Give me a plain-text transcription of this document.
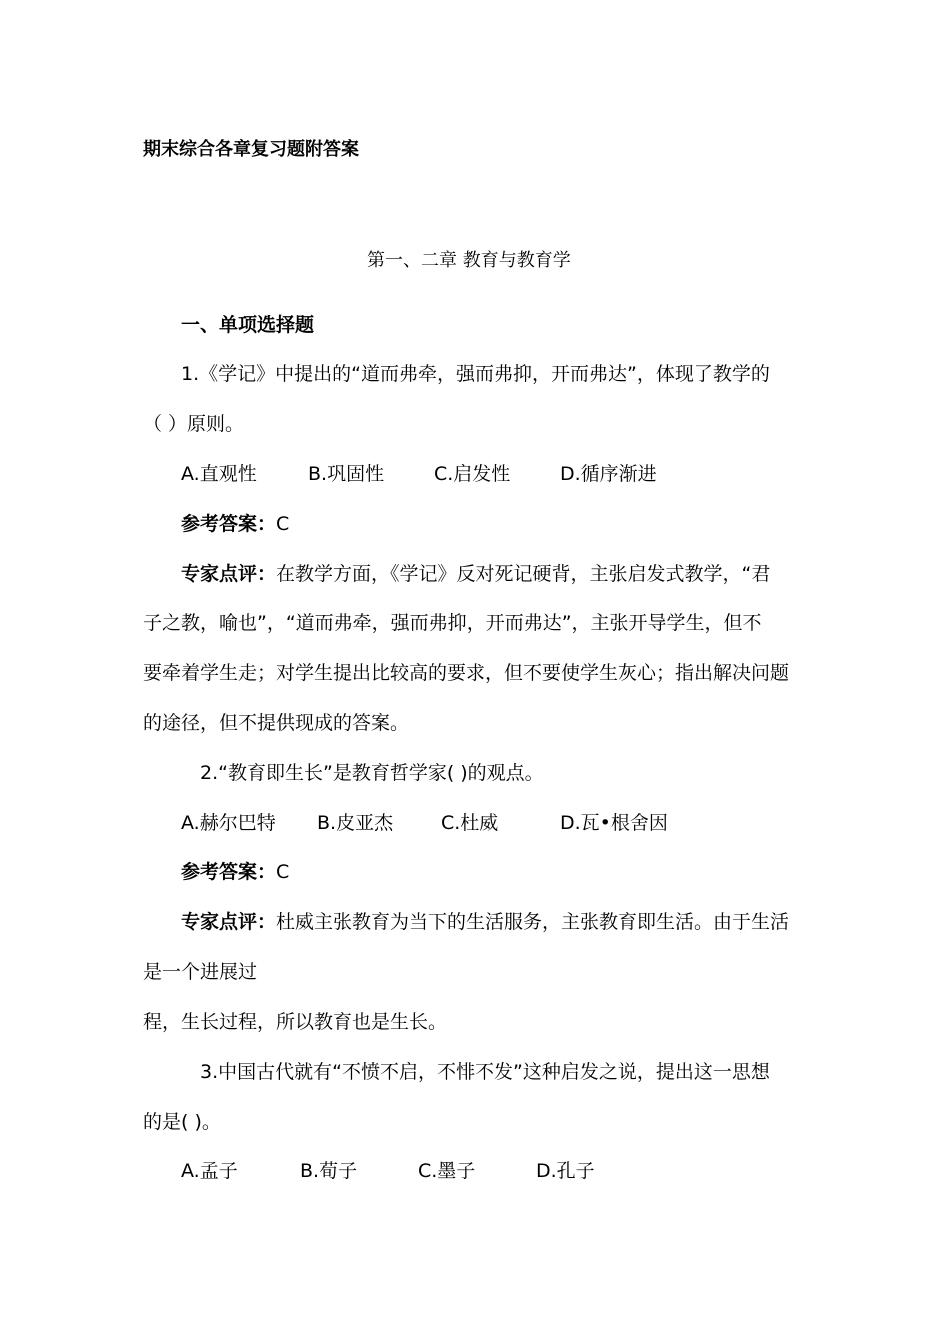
期末综合各章复习题附答案
第一、二章 教育与教育学
一、单项选择题
1.《学记》中提出的“道而弗牵，强而弗抑，开而弗达”，体现了教学的
（ ）原则。
A.直观性	B.巩固性	C.启发性	D.循序渐进
参考答案：C
专家点评：在教学方面，《学记》反对死记硬背，主张启发式教学，“君
子之教，喻也”，“道而弗牵，强而弗抑，开而弗达”，主张开导学生，但不
要牵着学生走；对学生提出比较高的要求，但不要使学生灰心；指出解决问题
的途径，但不提供现成的答案。
2.“教育即生长”是教育哲学家( )的观点。
A.赫尔巴特 B.皮亚杰	C.杜威	D.瓦•根舍因
参考答案：C
专家点评：杜威主张教育为当下的生活服务，主张教育即生活。由于生活
是一个进展过
程，生长过程，所以教育也是生长。
3.中国古代就有“不愤不启，不悱不发”这种启发之说，提出这一思想
的是( )。
A.孟子	B.荀子	C.墨子	D.孔子
